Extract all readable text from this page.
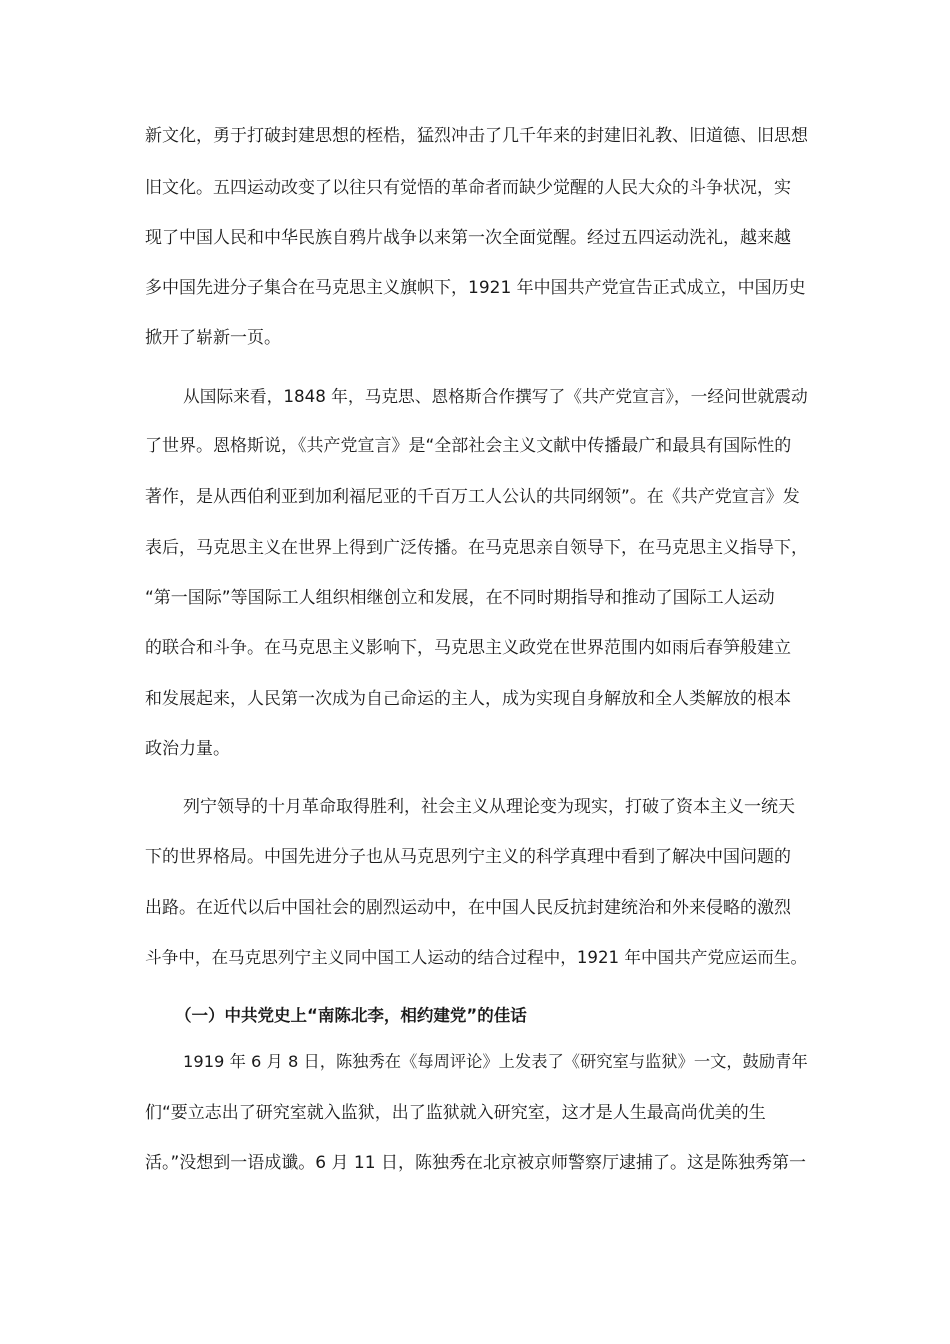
新文化，勇于打破封建思想的桎梏，猛烈冲击了几千年来的封建旧礼教、旧道德、旧思想
旧文化。五四运动改变了以往只有觉悟的革命者而缺少觉醒的人民大众的斗争状况，实
现了中国人民和中华民族自鸦片战争以来第一次全面觉醒。经过五四运动洗礼，越来越
多中国先进分子集合在马克思主义旗帜下，1921 年中国共产党宣告正式成立，中国历史
掀开了崭新一页。
从国际来看，1848 年，马克思、恩格斯合作撰写了《共产党宣言》，一经问世就震动
了世界。恩格斯说，《共产党宣言》是“全部社会主义文献中传播最广和最具有国际性的
著作，是从西伯利亚到加利福尼亚的千百万工人公认的共同纲领”。在《共产党宣言》发
表后，马克思主义在世界上得到广泛传播。在马克思亲自领导下，在马克思主义指导下，
“第一国际”等国际工人组织相继创立和发展，在不同时期指导和推动了国际工人运动
的联合和斗争。在马克思主义影响下，马克思主义政党在世界范围内如雨后春笋般建立
和发展起来，人民第一次成为自己命运的主人，成为实现自身解放和全人类解放的根本
政治力量。
列宁领导的十月革命取得胜利，社会主义从理论变为现实，打破了资本主义一统天
下的世界格局。中国先进分子也从马克思列宁主义的科学真理中看到了解决中国问题的
出路。在近代以后中国社会的剧烈运动中，在中国人民反抗封建统治和外来侵略的激烈
斗争中，在马克思列宁主义同中国工人运动的结合过程中，1921 年中国共产党应运而生。
（一）中共党史上“南陈北李，相约建党”的佳话
1919 年 6 月 8 日，陈独秀在《每周评论》上发表了《研究室与监狱》一文，鼓励青年
们“要立志出了研究室就入监狱，出了监狱就入研究室，这才是人生最高尚优美的生
活。”没想到一语成谶。6 月 11 日，陈独秀在北京被京师警察厅逮捕了。这是陈独秀第一
